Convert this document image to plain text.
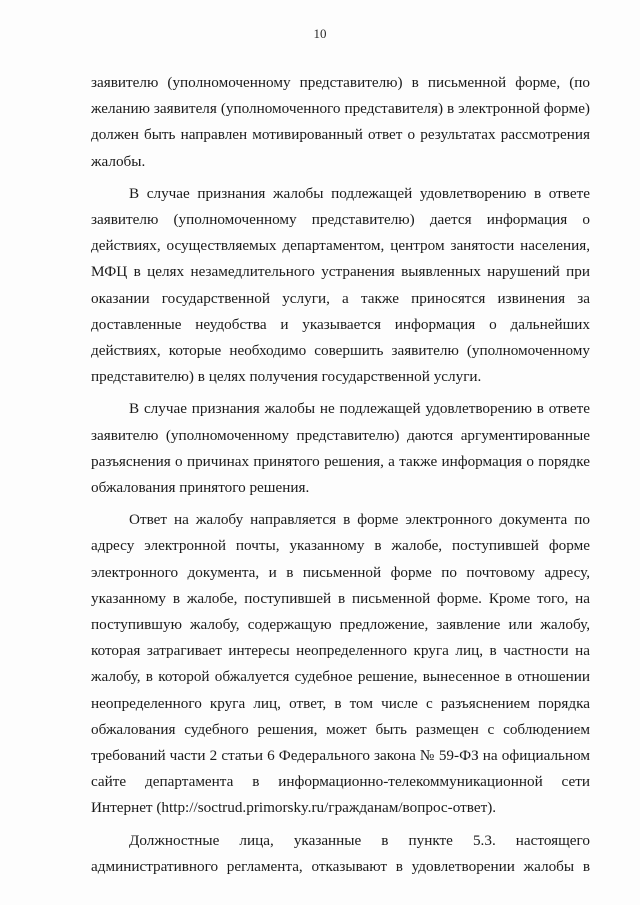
10

заявителю (уполномоченному представителю) в письменной форме, (по
желанию заявителя (уполномоченного представителя) в электронной форме)
должен быть направлен мотивированный ответ о результатах рассмотрения
жалобы.

В случае признания жалобы подлежащей удовлетворению в ответе
заявителю (уполномоченному представителю) дается информация о
действиях, осуществляемых департаментом, центром занятости населения,
МФЦ в целях незамедлительного устранения выявленных нарушений при
оказании государственной услуги, а также приносятся извинения за
доставленные неудобства и указывается информация о дальнейших
действиях, которые необходимо совершить заявителю (уполномоченному
представителю) в целях получения государственной услуги.

В случае признания жалобы не подлежащей удовлетворению в ответе
заявителю (уполномоченному представителю) даются аргументированные
разъяснения о причинах принятого решения, а также информация о порядке
обжалования принятого решения.

Ответ на жалобу направляется в форме электронного документа по
адресу электронной почты, указанному в жалобе, поступившей форме
электронного документа, и в письменной форме по почтовому адресу,
указанному в жалобе, поступившей в письменной форме. Кроме того, на
поступившую жалобу, содержащую предложение, заявление или жалобу,
которая затрагивает интересы неопределенного круга лиц, в частности на
жалобу, в которой обжалуется судебное решение, вынесенное в отношении
неопределенного круга лиц, ответ, в том числе с разъяснением порядка
обжалования судебного решения, может быть размещен с соблюдением
требований части 2 статьи 6 Федерального закона № 59-ФЗ на официальном
сайте департамента в информационно-телекоммуникационной сети
Интернет (http://soctrud.primorsky.ru/гражданам/вопрос-ответ).

Должностные лица, указанные в пункте 5.3. настоящего
административного регламента, отказывают в удовлетворении жалобы в
